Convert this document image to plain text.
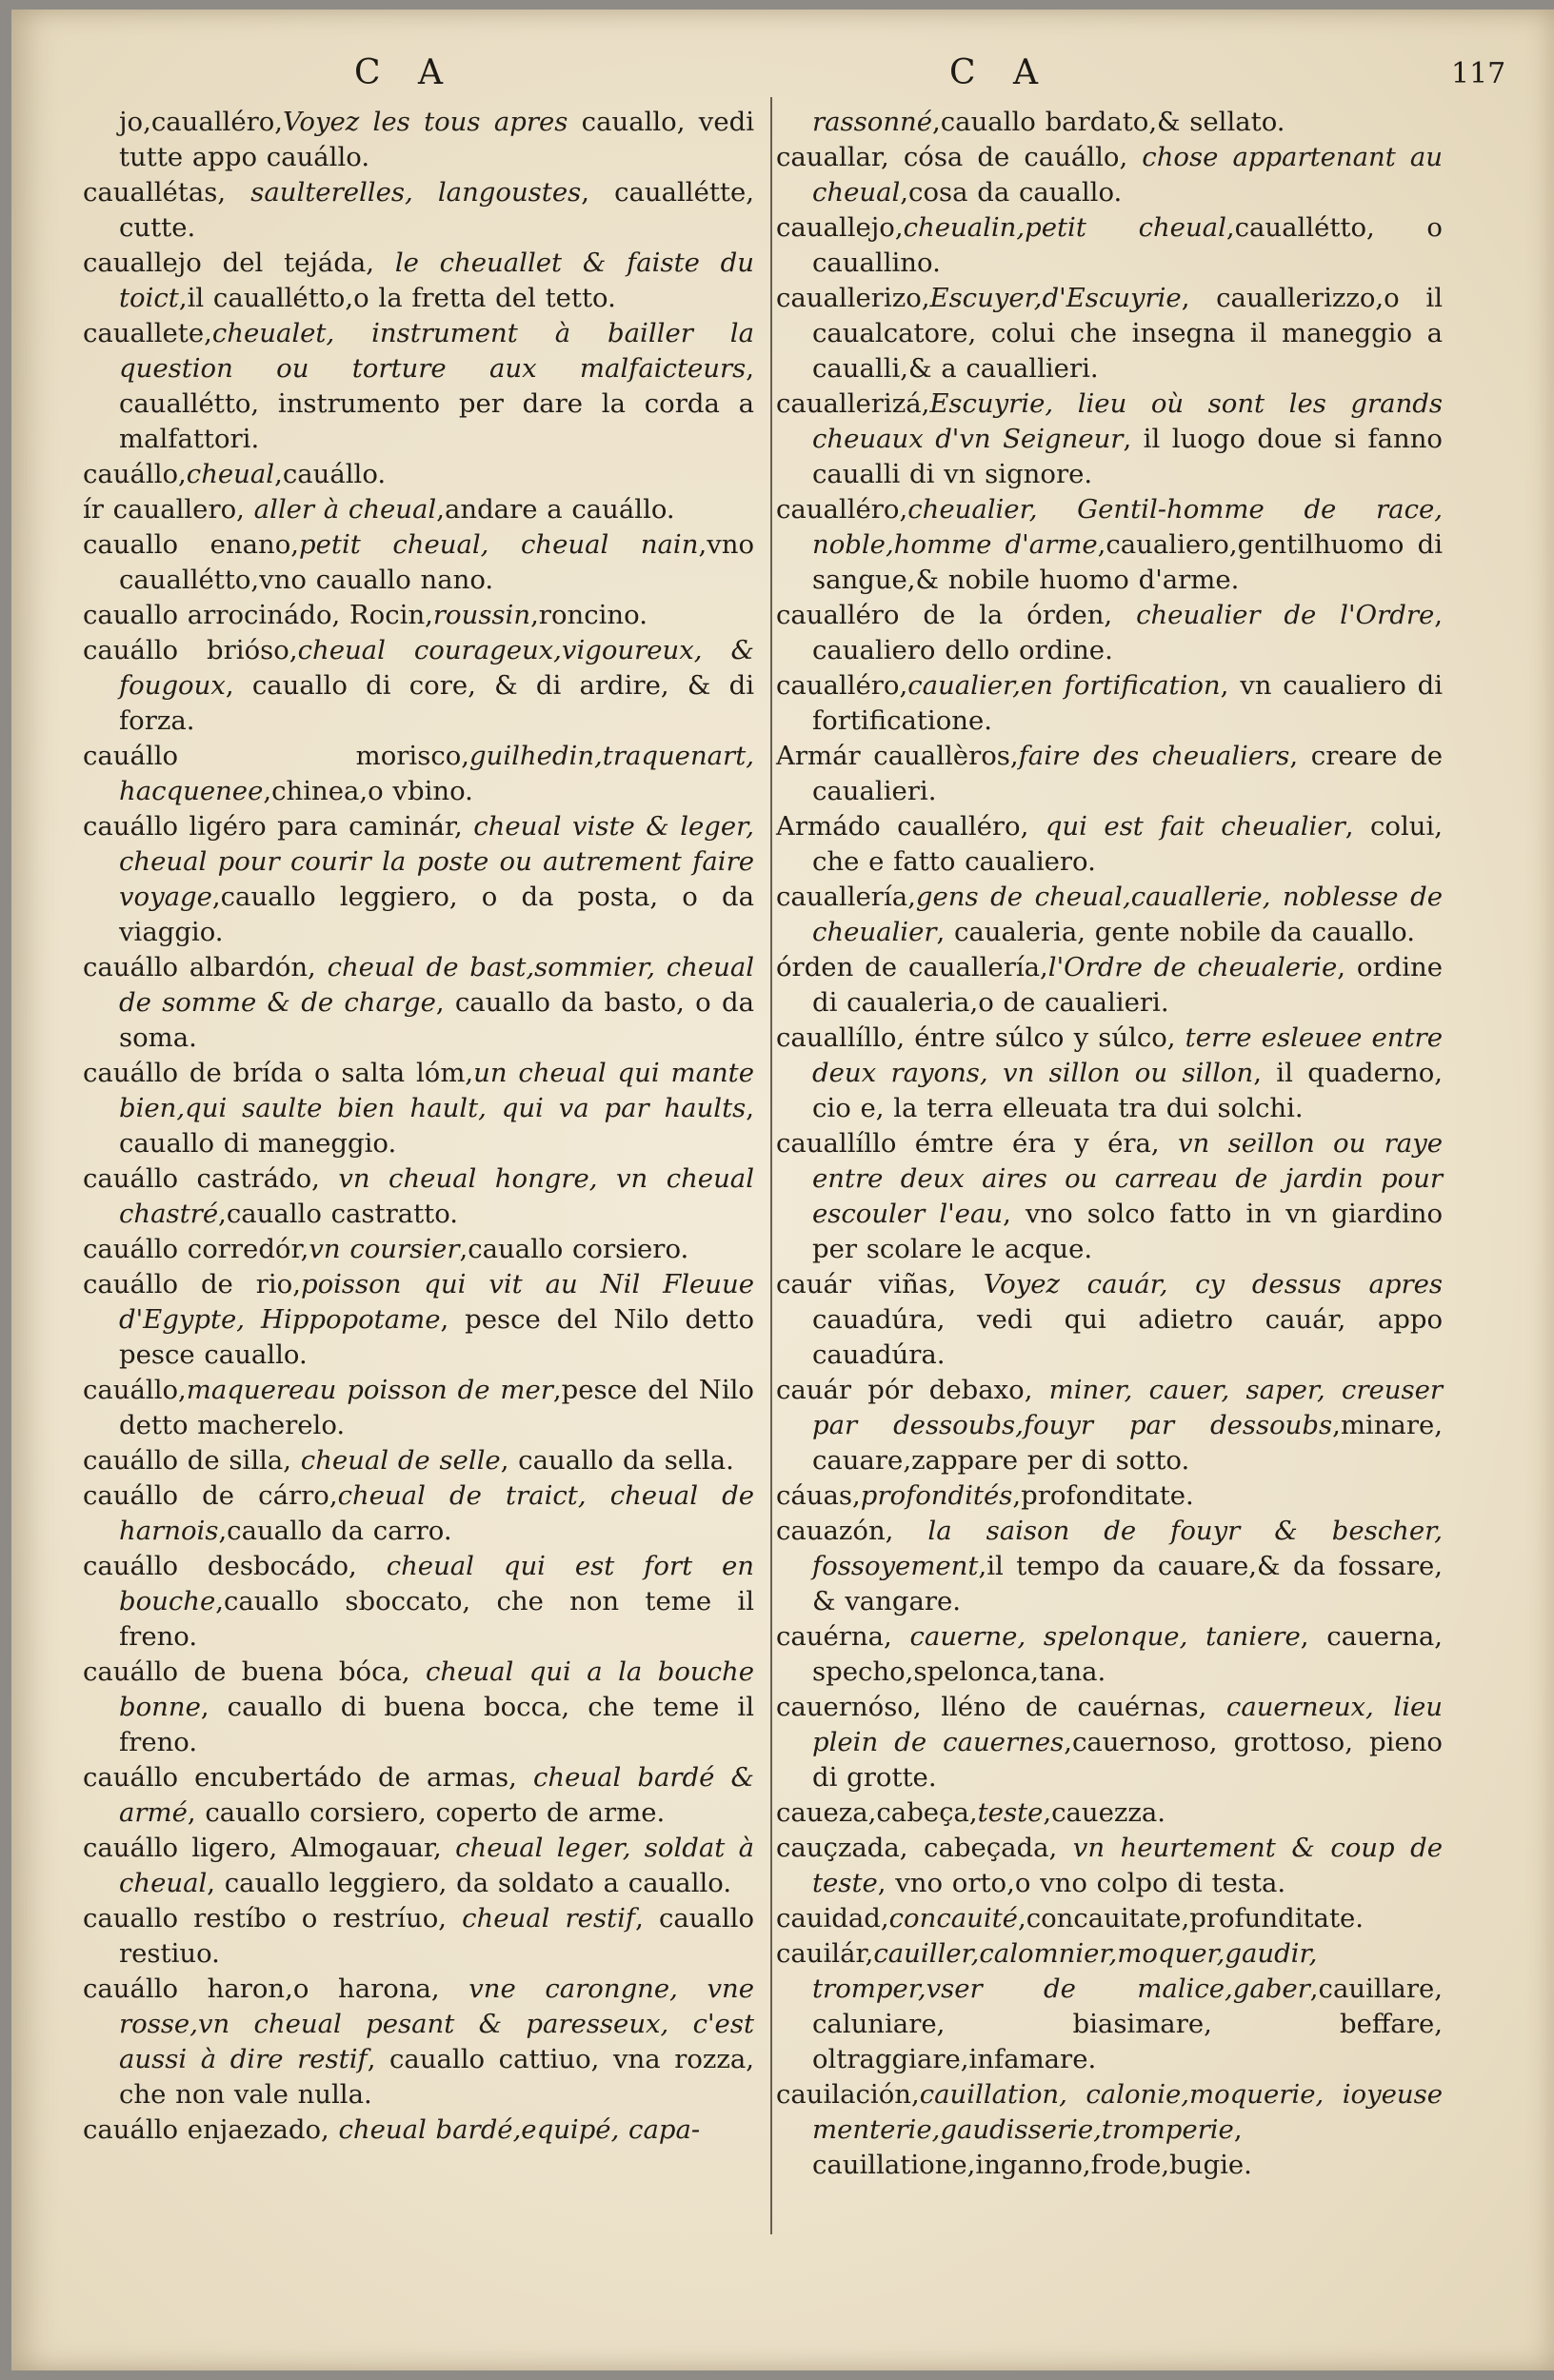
C A	C A	117

jo,caualléro,Voyez les tous apres cauallo, vedi tutte appo cauállo.

cauallétas, saulterelles, langoustes, cauallétte, cutte.

cauallejo del tejáda, le cheuallet & faiste du toict,il cauallétto,o la fretta del tetto.

cauallete,cheualet, instrument à bailler la question ou torture aux malfaicteurs, cauallétto, instrumento per dare la corda a malfattori.

cauállo,cheual,cauállo.

ír cauallero, aller à cheual,andare a cauállo.

cauallo enano,petit cheual, cheual nain,vno cauallétto,vno cauallo nano.

cauallo arrocinádo, Rocin,roussin,roncino.

cauállo brióso,cheual courageux,vigoureux, & fougoux, cauallo di core, & di ardire, & di forza.

cauállo morisco,guilhedin,traquenart, hacquenee,chinea,o vbino.

cauállo ligéro para caminár, cheual viste & leger, cheual pour courir la poste ou autrement faire voyage,cauallo leggiero, o da posta, o da viaggio.

cauállo albardón, cheual de bast,sommier, cheual de somme & de charge, cauallo da basto, o da soma.

cauállo de brída o salta lóm,un cheual qui mante bien,qui saulte bien hault, qui va par haults, cauallo di maneggio.

cauállo castrádo, vn cheual hongre, vn cheual chastré,cauallo castratto.

cauállo corredór,vn coursier,cauallo corsiero.

cauállo de rio,poisson qui vit au Nil Fleuue d'Egypte, Hippopotame, pesce del Nilo detto pesce cauallo.

cauállo,maquereau poisson de mer,pesce del Nilo detto macherelo.

cauállo de silla, cheual de selle, cauallo da sella.

cauállo de cárro,cheual de traict, cheual de harnois,cauallo da carro.

cauállo desbocádo, cheual qui est fort en bouche,cauallo sboccato, che non teme il freno.

cauállo de buena bóca, cheual qui a la bouche bonne, cauallo di buena bocca, che teme il freno.

cauállo encubertádo de armas, cheual bardé & armé, cauallo corsiero, coperto de arme.

cauállo ligero, Almogauar, cheual leger, soldat à cheual, cauallo leggiero, da soldato a cauallo.

cauallo restíbo o restríuo, cheual restif, cauallo restiuo.

cauállo haron,o harona, vne carongne, vne rosse,vn cheual pesant & paresseux, c'est aussi à dire restif, cauallo cattiuo, vna rozza, che non vale nulla.

cauállo enjaezado, cheual bardé,equipé, capa-

rassonné,cauallo bardato,& sellato.

cauallar, cósa de cauállo, chose appartenant au cheual,cosa da cauallo.

cauallejo,cheualin,petit cheual,cauallétto, o cauallino.

cauallerizo,Escuyer,d'Escuyrie, cauallerizzo,o il caualcatore, colui che insegna il maneggio a caualli,& a cauallieri.

cauallerizá,Escuyrie, lieu où sont les grands cheuaux d'vn Seigneur, il luogo doue si fanno caualli di vn signore.

caualléro,cheualier, Gentil-homme de race, noble,homme d'arme,caualiero,gentilhuomo di sangue,& nobile huomo d'arme.

caualléro de la órden, cheualier de l'Ordre, caualiero dello ordine.

caualléro,caualier,en fortification, vn caualiero di fortificatione.

Armár cauallèros,faire des cheualiers, creare de caualieri.

Armádo caualléro, qui est fait cheualier, colui, che e fatto caualiero.

cauallería,gens de cheual,cauallerie, noblesse de cheualier, caualeria, gente nobile da cauallo.

órden de cauallería,l'Ordre de cheualerie, ordine di caualeria,o de caualieri.

cauallíllo, éntre súlco y súlco, terre esleuee entre deux rayons, vn sillon ou sillon, il quaderno, cio e, la terra elleuata tra dui solchi.

cauallíllo émtre éra y éra, vn seillon ou raye entre deux aires ou carreau de jardin pour escouler l'eau, vno solco fatto in vn giardino per scolare le acque.

cauár viñas, Voyez cauár, cy dessus apres cauadúra, vedi qui adietro cauár, appo cauadúra.

cauár pór debaxo, miner, cauer, saper, creuser par dessoubs,fouyr par dessoubs,minare, cauare,zappare per di sotto.

cáuas,profondités,profonditate.

cauazón, la saison de fouyr & bescher, fossoyement,il tempo da cauare,& da fossare, & vangare.

cauérna, cauerne, spelonque, taniere, cauerna, specho,spelonca,tana.

cauernóso, lléno de cauérnas, cauerneux, lieu plein de cauernes,cauernoso, grottoso, pieno di grotte.

caueza,cabeça,teste,cauezza.

cauçzada, cabeçada, vn heurtement & coup de teste, vno orto,o vno colpo di testa.

cauidad,concauité,concauitate,profunditate.

cauilár,cauiller,calomnier,moquer,gaudir, tromper,vser de malice,gaber,cauillare, caluniare, biasimare, beffare, oltraggiare,infamare.

cauilación,cauillation, calonie,moquerie, ioyeuse menterie,gaudisserie,tromperie, cauillatione,inganno,frode,bugie.
